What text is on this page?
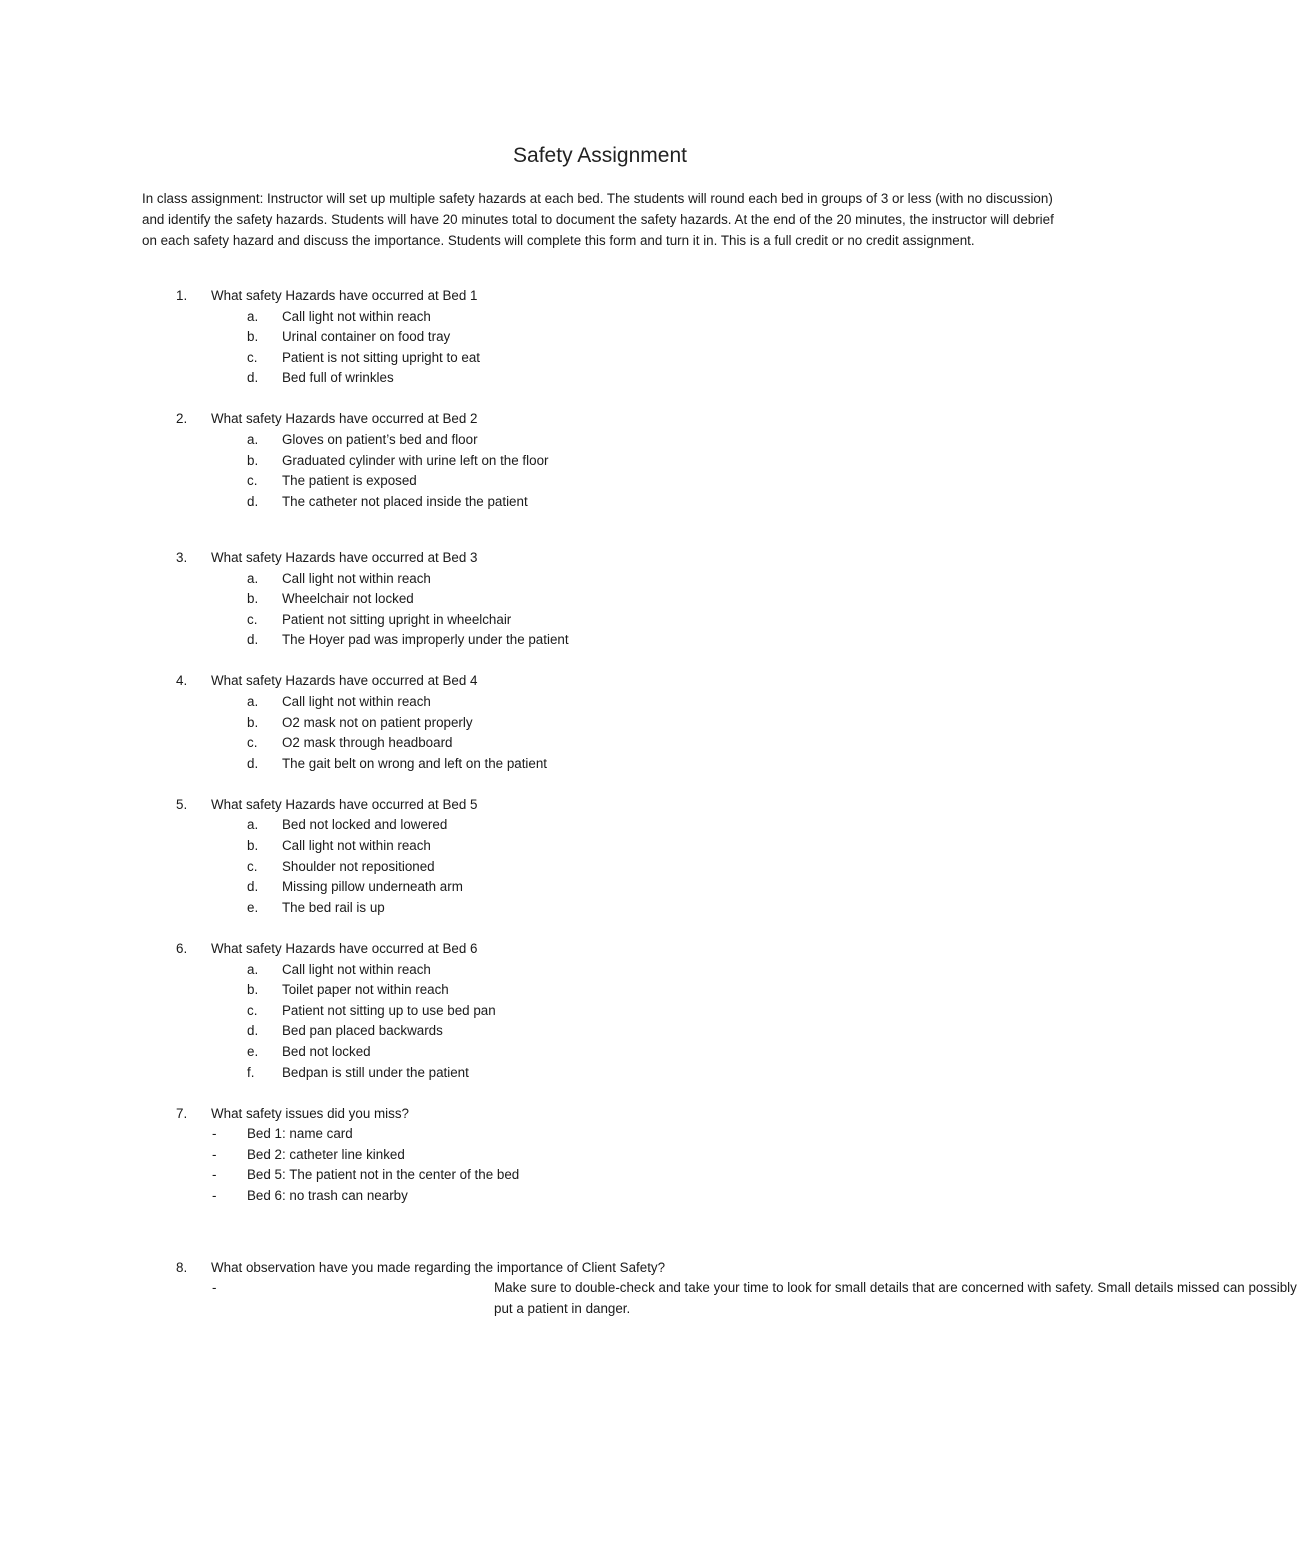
Safety Assignment
In class assignment: Instructor will set up multiple safety hazards at each bed. The students will round each bed in groups of 3 or less (with no discussion) and identify the safety hazards. Students will have 20 minutes total to document the safety hazards. At the end of the 20 minutes, the instructor will debrief on each safety hazard and discuss the importance. Students will complete this form and turn it in. This is a full credit or no credit assignment.
1. What safety Hazards have occurred at Bed 1
a. Call light not within reach
b. Urinal container on food tray
c. Patient is not sitting upright to eat
d. Bed full of wrinkles
2. What safety Hazards have occurred at Bed 2
a. Gloves on patient’s bed and floor
b. Graduated cylinder with urine left on the floor
c. The patient is exposed
d. The catheter not placed inside the patient
3. What safety Hazards have occurred at Bed 3
a. Call light not within reach
b. Wheelchair not locked
c. Patient not sitting upright in wheelchair
d. The Hoyer pad was improperly under the patient
4. What safety Hazards have occurred at Bed 4
a. Call light not within reach
b. O2 mask not on patient properly
c. O2 mask through headboard
d. The gait belt on wrong and left on the patient
5. What safety Hazards have occurred at Bed 5
a. Bed not locked and lowered
b. Call light not within reach
c. Shoulder not repositioned
d. Missing pillow underneath arm
e. The bed rail is up
6. What safety Hazards have occurred at Bed 6
a. Call light not within reach
b. Toilet paper not within reach
c. Patient not sitting up to use bed pan
d. Bed pan placed backwards
e. Bed not locked
f. Bedpan is still under the patient
7. What safety issues did you miss?
- Bed 1: name card
- Bed 2: catheter line kinked
- Bed 5: The patient not in the center of the bed
- Bed 6: no trash can nearby
8. What observation have you made regarding the importance of Client Safety?
-	Make sure to double-check and take your time to look for small details that are concerned with safety. Small details missed can possibly put a patient in danger.
